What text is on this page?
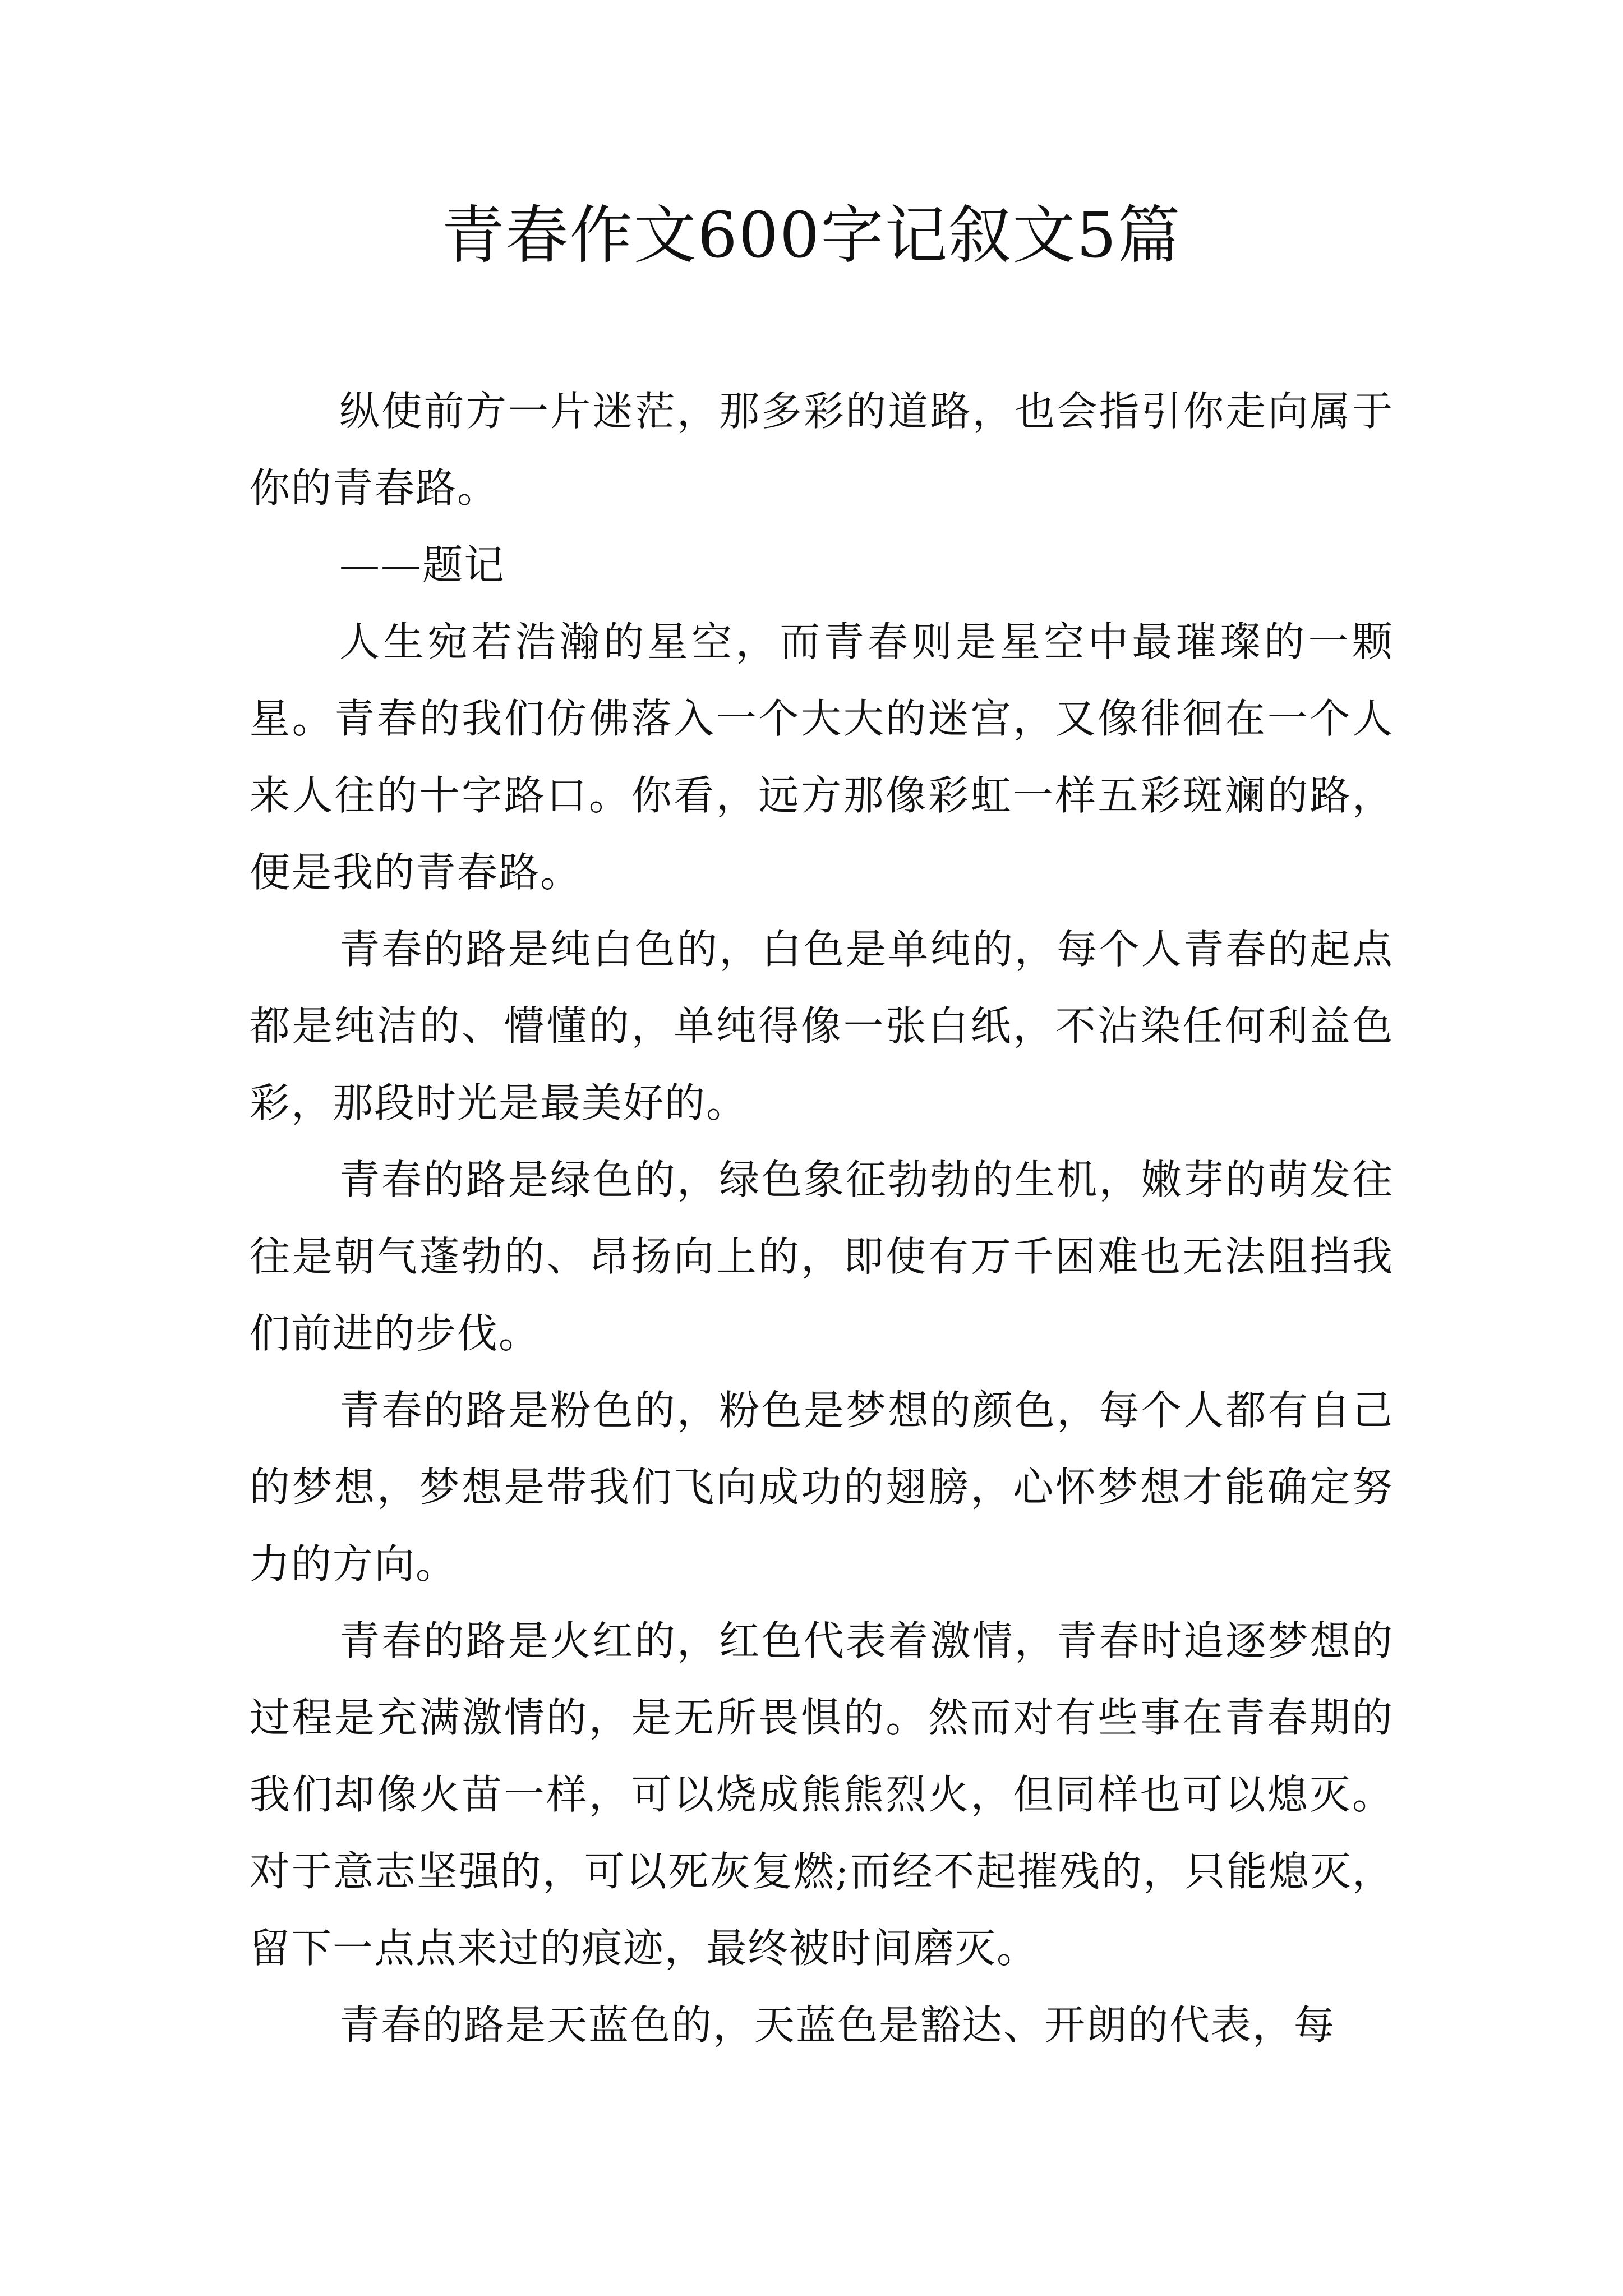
青春作文600字记叙文5篇

纵使前方一片迷茫，那多彩的道路，也会指引你走向属于你的青春路。

——题记

人生宛若浩瀚的星空，而青春则是星空中最璀璨的一颗星。青春的我们仿佛落入一个大大的迷宫，又像徘徊在一个人来人往的十字路口。你看，远方那像彩虹一样五彩斑斓的路，便是我的青春路。

青春的路是纯白色的，白色是单纯的，每个人青春的起点都是纯洁的、懵懂的，单纯得像一张白纸，不沾染任何利益色彩，那段时光是最美好的。

青春的路是绿色的，绿色象征勃勃的生机，嫩芽的萌发往往是朝气蓬勃的、昂扬向上的，即使有万千困难也无法阻挡我们前进的步伐。

青春的路是粉色的，粉色是梦想的颜色，每个人都有自己的梦想，梦想是带我们飞向成功的翅膀，心怀梦想才能确定努力的方向。

青春的路是火红的，红色代表着激情，青春时追逐梦想的过程是充满激情的，是无所畏惧的。然而对有些事在青春期的我们却像火苗一样，可以烧成熊熊烈火，但同样也可以熄灭。对于意志坚强的，可以死灰复燃;而经不起摧残的，只能熄灭，留下一点点来过的痕迹，最终被时间磨灭。

青春的路是天蓝色的，天蓝色是豁达、开朗的代表，每
